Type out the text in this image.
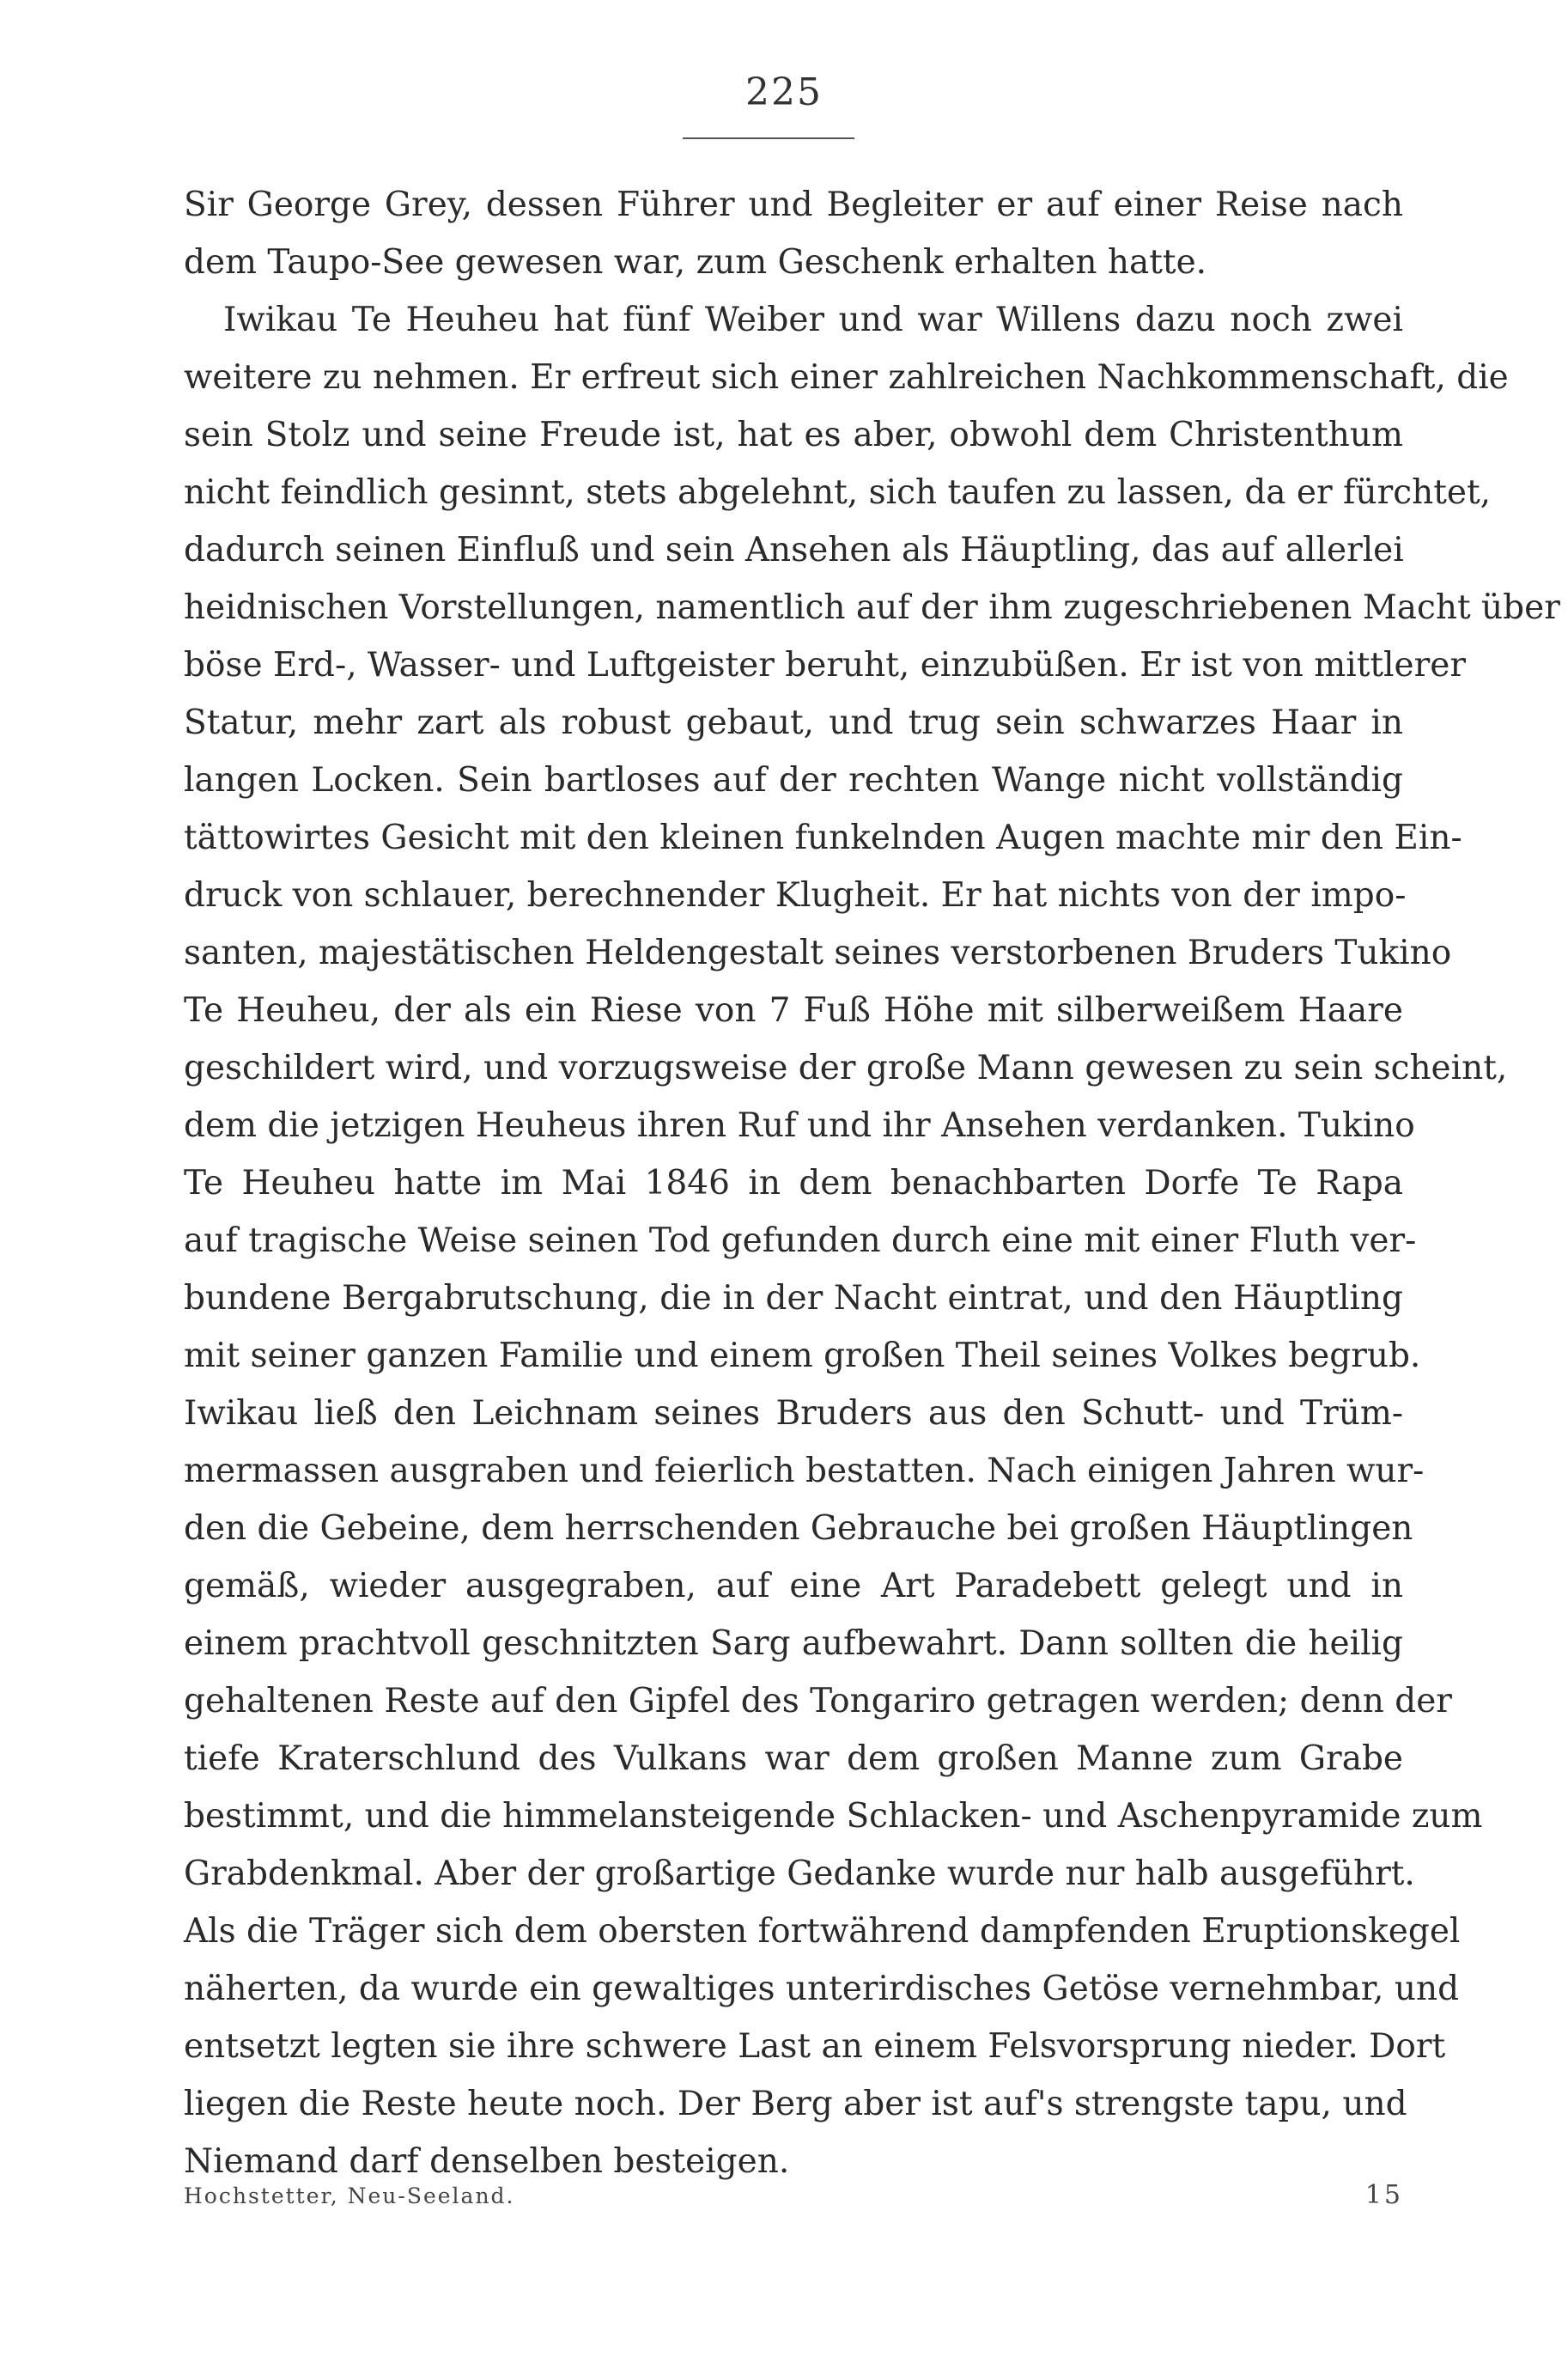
225
Sir George Grey, dessen Führer und Begleiter er auf einer Reise nach
dem Taupo-See gewesen war, zum Geschenk erhalten hatte.
Iwikau Te Heuheu hat fünf Weiber und war Willens dazu noch zwei
weitere zu nehmen. Er erfreut sich einer zahlreichen Nachkommenschaft, die
sein Stolz und seine Freude ist, hat es aber, obwohl dem Christenthum
nicht feindlich gesinnt, stets abgelehnt, sich taufen zu lassen, da er fürchtet,
dadurch seinen Einfluß und sein Ansehen als Häuptling, das auf allerlei
heidnischen Vorstellungen, namentlich auf der ihm zugeschriebenen Macht über
böse Erd-, Wasser- und Luftgeister beruht, einzubüßen. Er ist von mittlerer
Statur, mehr zart als robust gebaut, und trug sein schwarzes Haar in
langen Locken. Sein bartloses auf der rechten Wange nicht vollständig
tättowirtes Gesicht mit den kleinen funkelnden Augen machte mir den Ein-
druck von schlauer, berechnender Klugheit. Er hat nichts von der impo-
santen, majestätischen Heldengestalt seines verstorbenen Bruders Tukino
Te Heuheu, der als ein Riese von 7 Fuß Höhe mit silberweißem Haare
geschildert wird, und vorzugsweise der große Mann gewesen zu sein scheint,
dem die jetzigen Heuheus ihren Ruf und ihr Ansehen verdanken. Tukino
Te Heuheu hatte im Mai 1846 in dem benachbarten Dorfe Te Rapa
auf tragische Weise seinen Tod gefunden durch eine mit einer Fluth ver-
bundene Bergabrutschung, die in der Nacht eintrat, und den Häuptling
mit seiner ganzen Familie und einem großen Theil seines Volkes begrub.
Iwikau ließ den Leichnam seines Bruders aus den Schutt- und Trüm-
mermassen ausgraben und feierlich bestatten. Nach einigen Jahren wur-
den die Gebeine, dem herrschenden Gebrauche bei großen Häuptlingen
gemäß, wieder ausgegraben, auf eine Art Paradebett gelegt und in
einem prachtvoll geschnitzten Sarg aufbewahrt. Dann sollten die heilig
gehaltenen Reste auf den Gipfel des Tongariro getragen werden; denn der
tiefe Kraterschlund des Vulkans war dem großen Manne zum Grabe
bestimmt, und die himmelansteigende Schlacken- und Aschenpyramide zum
Grabdenkmal. Aber der großartige Gedanke wurde nur halb ausgeführt.
Als die Träger sich dem obersten fortwährend dampfenden Eruptionskegel
näherten, da wurde ein gewaltiges unterirdisches Getöse vernehmbar, und
entsetzt legten sie ihre schwere Last an einem Felsvorsprung nieder. Dort
liegen die Reste heute noch. Der Berg aber ist auf's strengste tapu, und
Niemand darf denselben besteigen.
Hochstetter, Neu-Seeland.	15
